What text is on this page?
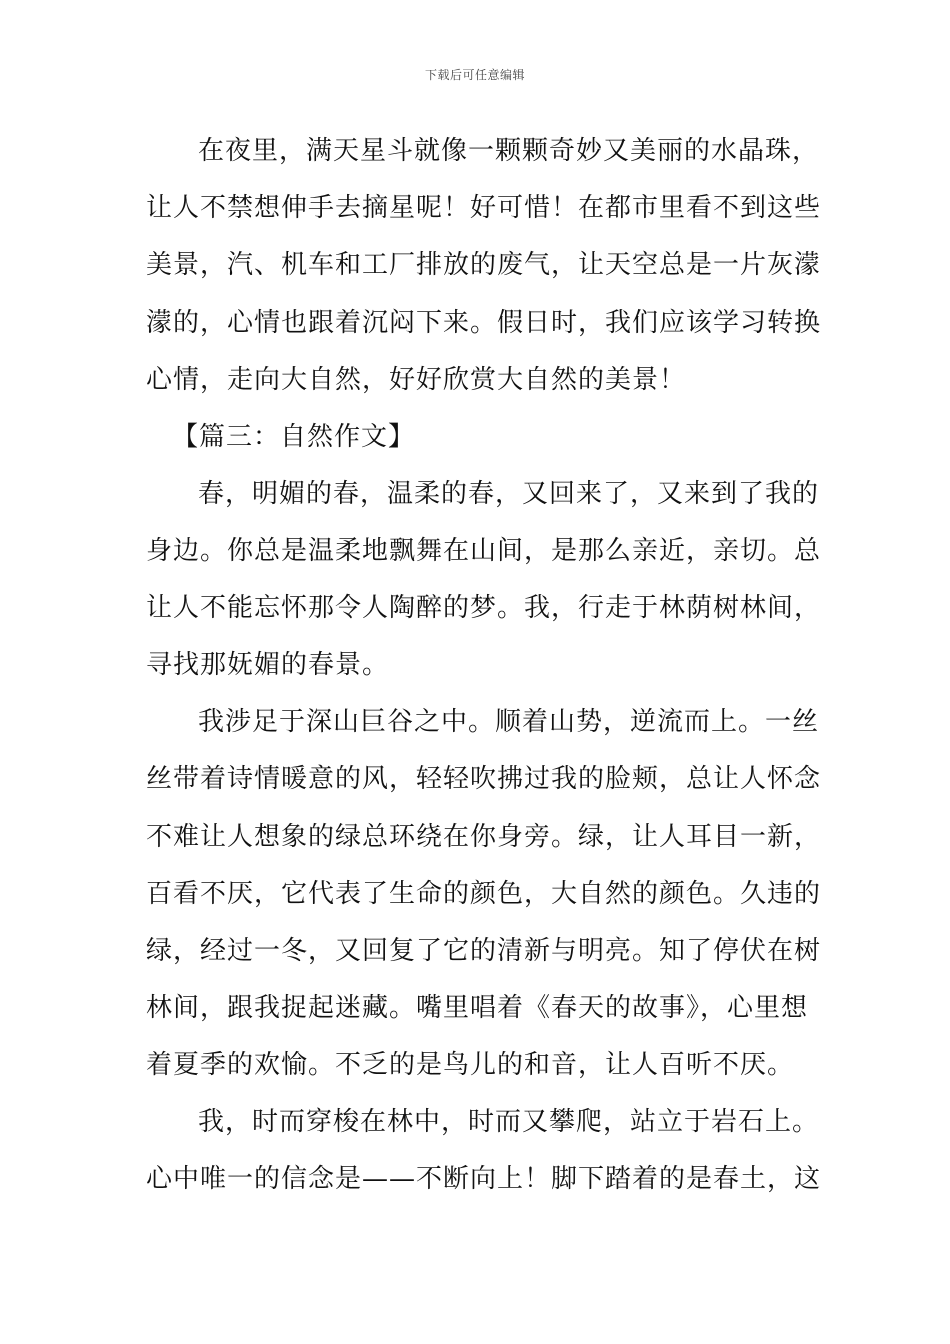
下载后可任意编辑
在夜里，满天星斗就像一颗颗奇妙又美丽的水晶珠，
让人不禁想伸手去摘星呢！好可惜！在都市里看不到这些
美景，汽、机车和工厂排放的废气，让天空总是一片灰濛
濛的，心情也跟着沉闷下来。假日时，我们应该学习转换
心情，走向大自然，好好欣赏大自然的美景！
【篇三：自然作文】
春，明媚的春，温柔的春，又回来了，又来到了我的
身边。你总是温柔地飘舞在山间，是那么亲近，亲切。总
让人不能忘怀那令人陶醉的梦。我，行走于林荫树林间，
寻找那妩媚的春景。
我涉足于深山巨谷之中。顺着山势，逆流而上。一丝
丝带着诗情暖意的风，轻轻吹拂过我的脸颊，总让人怀念
不难让人想象的绿总环绕在你身旁。绿，让人耳目一新，
百看不厌，它代表了生命的颜色，大自然的颜色。久违的
绿，经过一冬，又回复了它的清新与明亮。知了停伏在树
林间，跟我捉起迷藏。嘴里唱着《春天的故事》，心里想
着夏季的欢愉。不乏的是鸟儿的和音，让人百听不厌。
我，时而穿梭在林中，时而又攀爬，站立于岩石上。
心中唯一的信念是——不断向上！脚下踏着的是春土，这
